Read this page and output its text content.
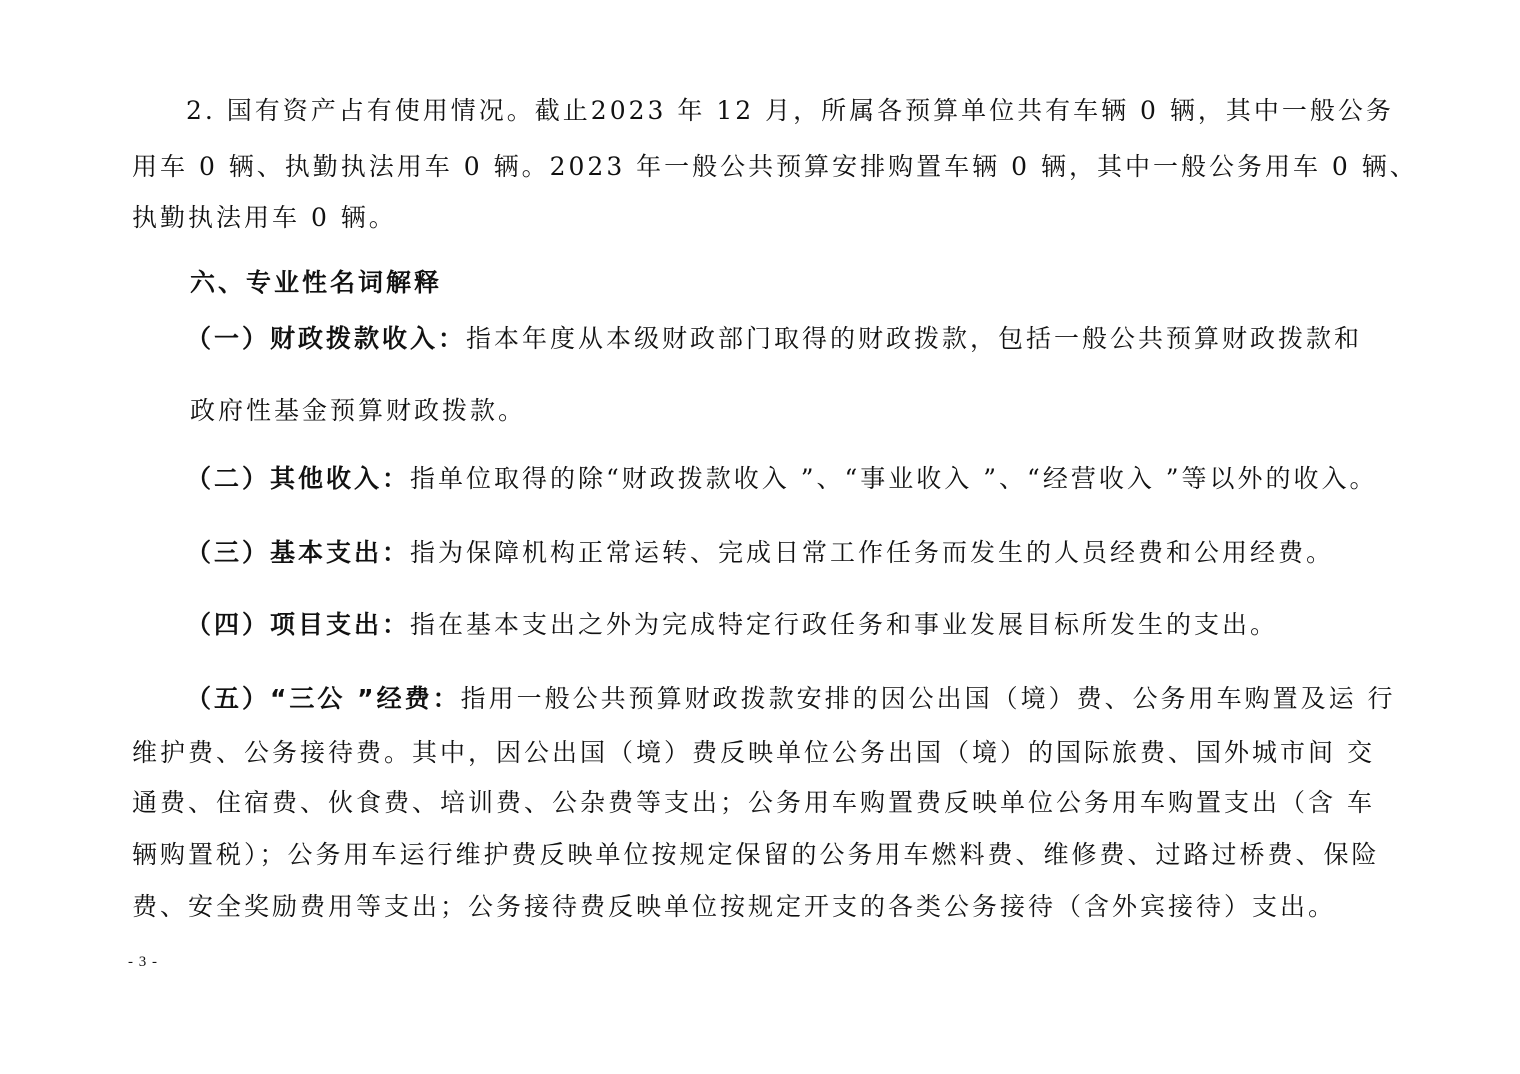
2. 国有资产占有使用情况。截止2023 年 12 月，所属各预算单位共有车辆 0 辆，其中一般公务
用车 0 辆、执勤执法用车 0 辆。2023 年一般公共预算安排购置车辆 0 辆，其中一般公务用车 0 辆、
执勤执法用车 0 辆。
六、专业性名词解释
（一）财政拨款收入：指本年度从本级财政部门取得的财政拨款，包括一般公共预算财政拨款和
政府性基金预算财政拨款。
（二）其他收入：指单位取得的除“财政拨款收入 ”、“事业收入 ”、“经营收入 ”等以外的收入。
（三）基本支出：指为保障机构正常运转、完成日常工作任务而发生的人员经费和公用经费。
（四）项目支出：指在基本支出之外为完成特定行政任务和事业发展目标所发生的支出。
（五）“三公 ”经费：指用一般公共预算财政拨款安排的因公出国（境）费、公务用车购置及运 行
维护费、公务接待费。其中，因公出国（境）费反映单位公务出国（境）的国际旅费、国外城市间 交
通费、住宿费、伙食费、培训费、公杂费等支出；公务用车购置费反映单位公务用车购置支出（含 车
辆购置税）；公务用车运行维护费反映单位按规定保留的公务用车燃料费、维修费、过路过桥费、保险
费、安全奖励费用等支出；公务接待费反映单位按规定开支的各类公务接待（含外宾接待）支出。
- 3 -
